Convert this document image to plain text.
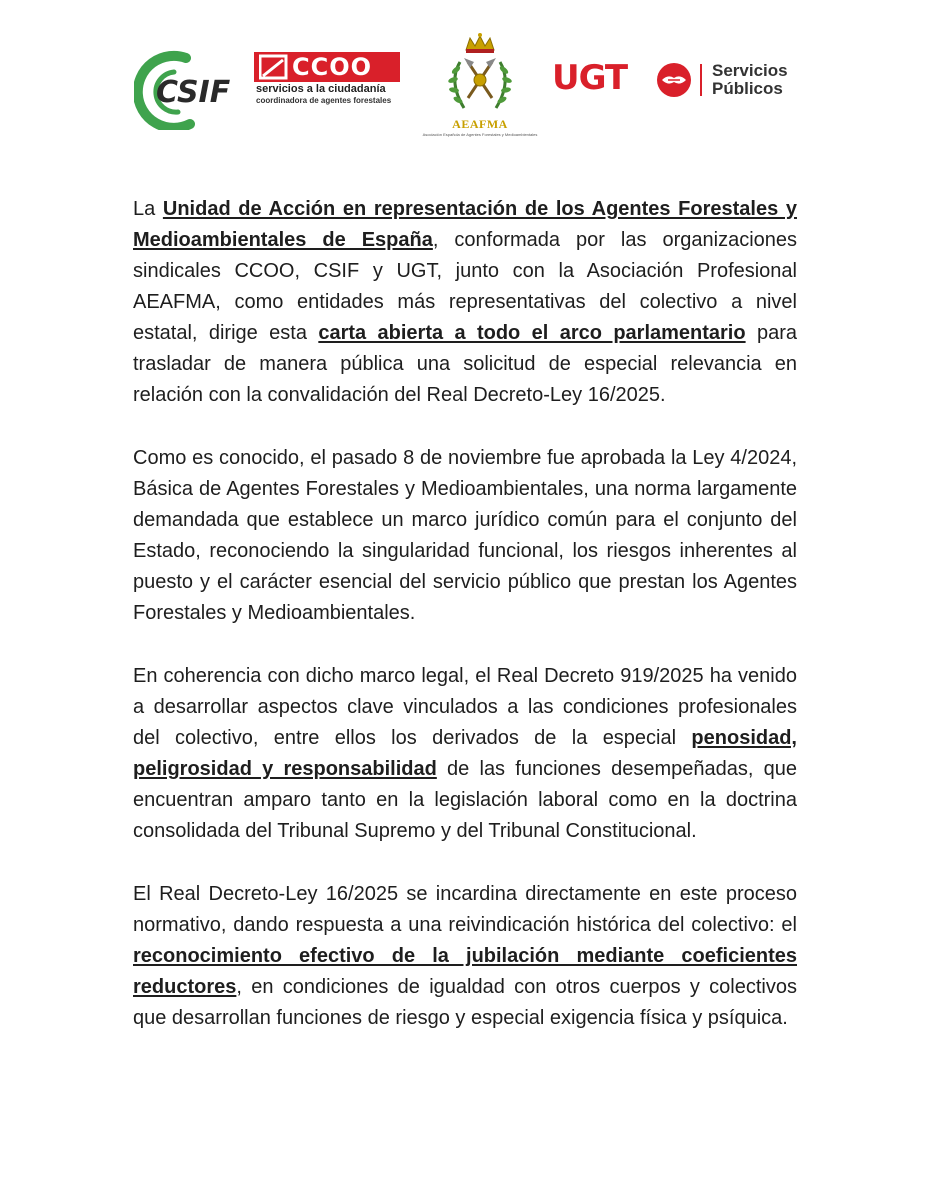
CSIF
CCOO
servicios a la ciudadanía
coordinadora de agentes forestales
AEAFMA
Asociación Española de Agentes Forestales y Medioambientales
UGT	Servicios
Públicos

La Unidad de Acción en representación de los Agentes Forestales y Medioambientales de España, conformada por las organizaciones sindicales CCOO, CSIF y UGT, junto con la Asociación Profesional AEAFMA, como entidades más representativas del colectivo a nivel estatal, dirige esta carta abierta a todo el arco parlamentario para trasladar de manera pública una solicitud de especial relevancia en relación con la convalidación del Real Decreto-Ley 16/2025.

Como es conocido, el pasado 8 de noviembre fue aprobada la Ley 4/2024, Básica de Agentes Forestales y Medioambientales, una norma largamente demandada que establece un marco jurídico común para el conjunto del Estado, reconociendo la singularidad funcional, los riesgos inherentes al puesto y el carácter esencial del servicio público que prestan los Agentes Forestales y Medioambientales.

En coherencia con dicho marco legal, el Real Decreto 919/2025 ha venido a desarrollar aspectos clave vinculados a las condiciones profesionales del colectivo, entre ellos los derivados de la especial penosidad, peligrosidad y responsabilidad de las funciones desempeñadas, que encuentran amparo tanto en la legislación laboral como en la doctrina consolidada del Tribunal Supremo y del Tribunal Constitucional.

El Real Decreto-Ley 16/2025 se incardina directamente en este proceso normativo, dando respuesta a una reivindicación histórica del colectivo: el reconocimiento efectivo de la jubilación mediante coeficientes reductores, en condiciones de igualdad con otros cuerpos y colectivos que desarrollan funciones de riesgo y especial exigencia física y psíquica.
